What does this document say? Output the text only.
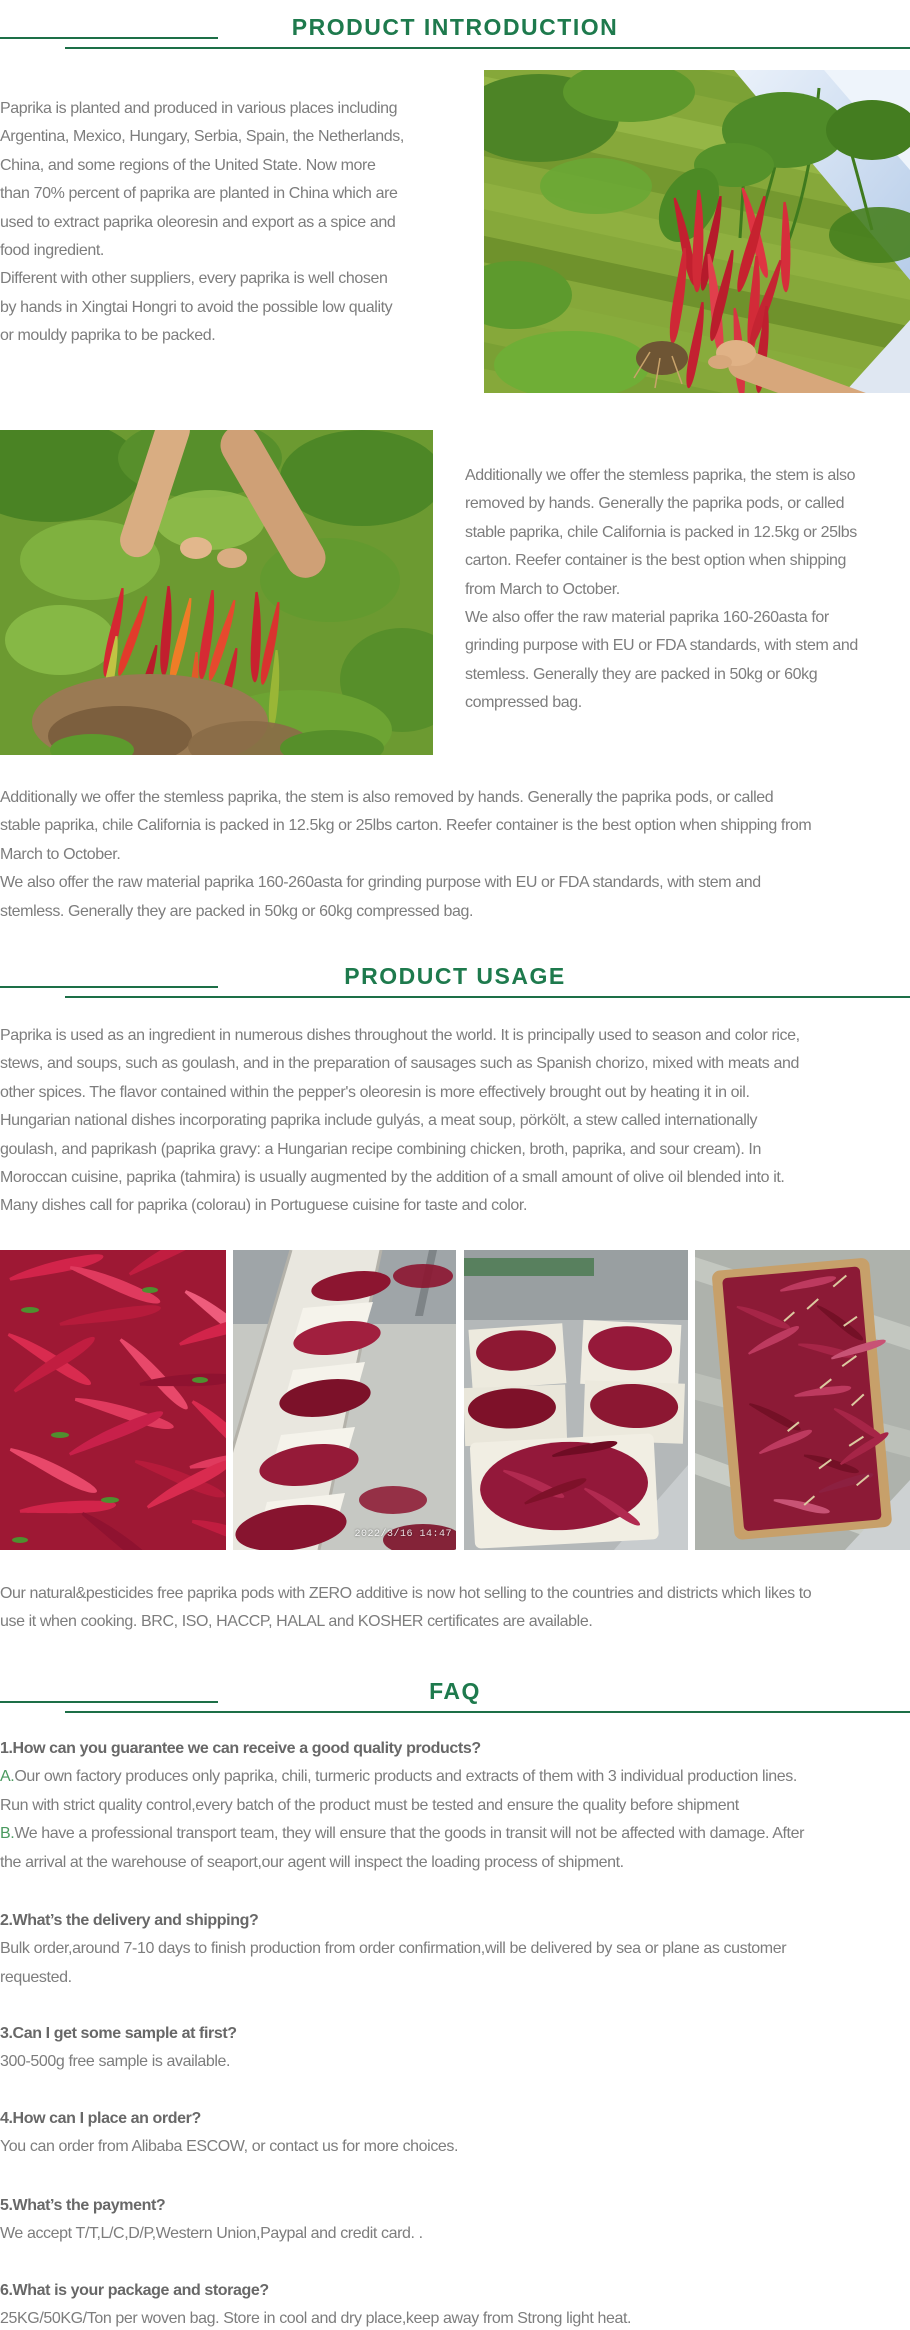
PRODUCT INTRODUCTION
Paprika is planted and produced in various places including
Argentina, Mexico, Hungary, Serbia, Spain, the Netherlands,
China, and some regions of the United State. Now more
than 70% percent of paprika are planted in China which are
used to extract paprika oleoresin and export as a spice and
food ingredient.
Different with other suppliers, every paprika is well chosen
by hands in Xingtai Hongri to avoid the possible low quality
or mouldy paprika to be packed.
Additionally we offer the stemless paprika, the stem is also
removed by hands. Generally the paprika pods, or called
stable paprika, chile California is packed in 12.5kg or 25lbs
carton. Reefer container is the best option when shipping
from March to October.
We also offer the raw material paprika 160-260asta for
grinding purpose with EU or FDA standards, with stem and
stemless. Generally they are packed in 50kg or 60kg
compressed bag.
Additionally we offer the stemless paprika, the stem is also removed by hands. Generally the paprika pods, or called
stable paprika, chile California is packed in 12.5kg or 25lbs carton. Reefer container is the best option when shipping from
March to October.
We also offer the raw material paprika 160-260asta for grinding purpose with EU or FDA standards, with stem and
stemless. Generally they are packed in 50kg or 60kg compressed bag.
PRODUCT USAGE
Paprika is used as an ingredient in numerous dishes throughout the world. It is principally used to season and color rice,
stews, and soups, such as goulash, and in the preparation of sausages such as Spanish chorizo, mixed with meats and
other spices. The flavor contained within the pepper's oleoresin is more effectively brought out by heating it in oil.
Hungarian national dishes incorporating paprika include gulyás, a meat soup, pörkölt, a stew called internationally
goulash, and paprikash (paprika gravy: a Hungarian recipe combining chicken, broth, paprika, and sour cream). In
Moroccan cuisine, paprika (tahmira) is usually augmented by the addition of a small amount of olive oil blended into it.
Many dishes call for paprika (colorau) in Portuguese cuisine for taste and color.
2022/3/16 14:47
Our natural&pesticides free paprika pods with ZERO additive is now hot selling to the countries and districts which likes to
use it when cooking. BRC, ISO, HACCP, HALAL and KOSHER certificates are available.
FAQ
1.How can you guarantee we can receive a good quality products?
A.Our own factory produces only paprika, chili, turmeric products and extracts of them with 3 individual production lines.
Run with strict quality control,every batch of the product must be tested and ensure the quality before shipment
B.We have a professional transport team, they will ensure that the goods in transit will not be affected with damage. After
the arrival at the warehouse of seaport,our agent will inspect the loading process of shipment.
2.What’s the delivery and shipping?
Bulk order,around 7-10 days to finish production from order confirmation,will be delivered by sea or plane as customer
requested.
3.Can I get some sample at first?
300-500g free sample is available.
4.How can I place an order?
You can order from Alibaba ESCOW, or contact us for more choices.
5.What’s the payment?
We accept T/T,L/C,D/P,Western Union,Paypal and credit card. .
6.What is your package and storage?
25KG/50KG/Ton per woven bag. Store in cool and dry place,keep away from Strong light heat.
